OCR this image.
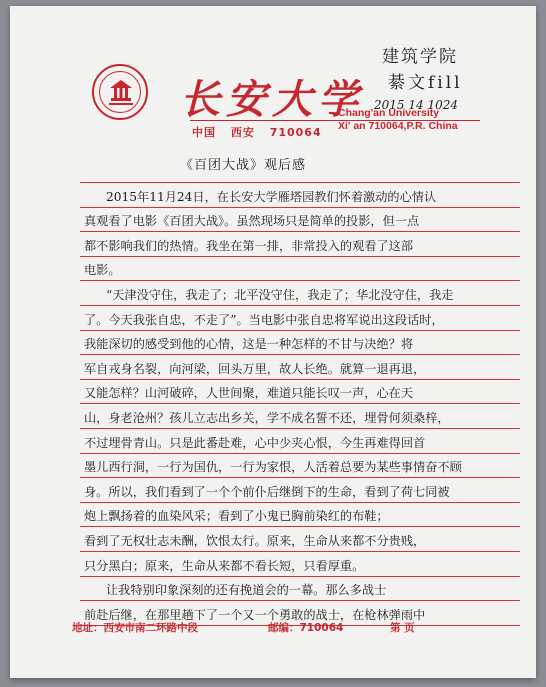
长安大学
中国 西安 710064
Chang'an University
Xi' an 710064,P.R. China
建筑学院
綦文fill
2015 14 1024
《百团大战》观后感
2015年11月24日，在长安大学雁塔园教们怀着激动的心情认
真观看了电影《百团大战》。虽然现场只是简单的投影，但一点
都不影响我们的热情。我坐在第一排，非常投入的观看了这部
电影。
“天津没守住，我走了；北平没守住，我走了；华北没守住，我走
了。今天我张自忠，不走了”。当电影中张自忠将军说出这段话时，
我能深切的感受到他的心情，这是一种怎样的不甘与决绝？将
军自戎身名裂，向河梁，回头万里，故人长绝。就算一退再退，
又能怎样？山河破碎，人世间聚，难道只能长叹一声，心在天
山，身老沧州？孩儿立志出乡关，学不成名誓不还，埋骨何须桑梓，
不过埋骨青山。只是此番赴难，心中少夹心恨，今生再难得回首
墨儿西行洞，一行为国仇，一行为家恨，人活着总要为某些事情奋不顾
身。所以，我们看到了一个个前仆后继倒下的生命，看到了荷七同被
炮上飘扬着的血染风采；看到了小鬼已胸前染红的布鞋；
看到了无权壮志未酬，饮恨太行。原来，生命从来都不分贵贱，
只分黑白；原来，生命从来都不看长短，只看厚重。
让我特别印象深刻的还有挽道会的一幕。那么多战士
前赴后继，在那里趟下了一个又一个勇敢的战士，在枪林弹雨中
地址：西安市南二环路中段	邮编：710064	第 页
